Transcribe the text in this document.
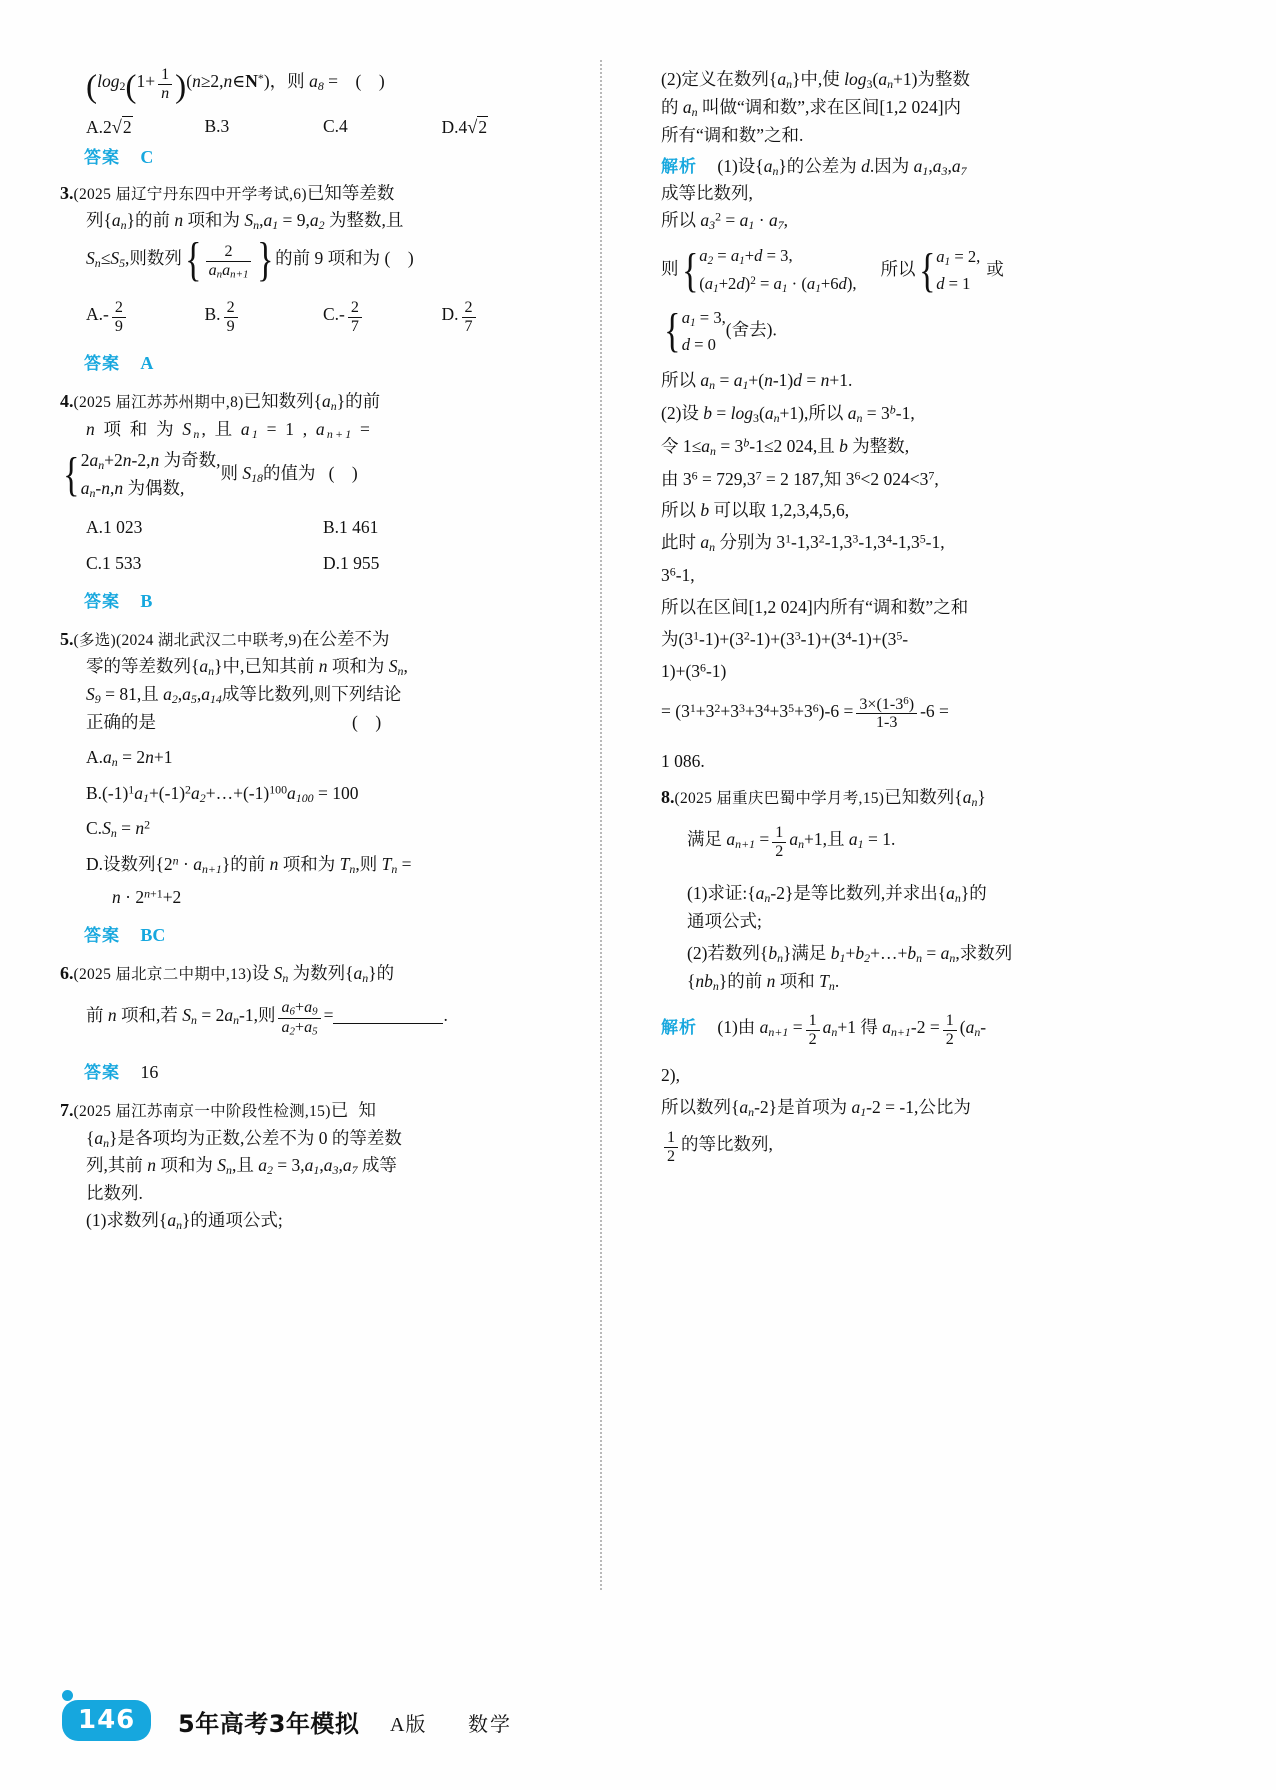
($\log_2(1+ \frac{1}{n}$ )(n≥2,n∈N*)，则 $a_8$ =    (    )
A.2√2	B.3	C.4	D.4√2
答案 C
3.(2025 届辽宁丹东四中开学考试,6)已知等差数
列$\{a_n\}$的前 n 项和为 $S_n,a_1 = 9,a_2$ 为整数,且
$S_n\le S_5$,则数列{ $\frac{2}{a_na_{n+1}}$ }的前 9 项和为 (    )
$A.- \frac{2}{9}$	B. $\frac{2}{9}$	$C.- \frac{2}{7}$	D. $\frac{2}{7}$
答案 A
4.(2025 届江苏苏州期中,8)已知数列$\{a_n\}$的前
n 项 和 为 $S_n$, 且 $a_1 = 1$ , $a_{n+1}$ =
{ $2a_n+2n-2,n$ 为奇数,
$a_n-n,n$ 为偶数,
则 $S_{18}$的值为   (    )
A.1 023	B.1 461
C.1 533	D.1 955
答案 B
5.(多选)(2024 湖北武汉二中联考,9)在公差不为
零的等差数列$\{a_n\}$中,已知其前 n 项和为 $S_n$,
$S_9 = 81$,且 $a_2,a_5,a_{14}$成等比数列,则下列结论
正确的是	(    )
$A.a_n = 2n+1$
$B.(-1)^1a_1+(-1)^2a_2+\dots+(-1)^{100}a_{100} = 100$
$C.S_n = n^2$
D.设数列$\{2^n \cdot a_{n+1}\}$的前 n 项和为 $T_n$,则 $T_n$ =
$n \cdot 2^{n+1}+2$
答案 BC
6.(2025 届北京二中期中,13)设 $S_n$ 为数列$\{a_n\}$的
前 n 项和,若 $S_n = 2a_n-1$,则 $\frac{a_6+a_9}{a_2+a_5}$ =	.
答案 16
7.(2025 届江苏南京一中阶段性检测,15)已 知
$\{a_n\}$是各项均为正数,公差不为 0 的等差数
列,其前 n 项和为 $S_n$,且 $a_2 = 3,a_1,a_3,a_7$ 成等
比数列.
(1)求数列$\{a_n\}$的通项公式;
(2)定义在数列$\{a_n\}$中,使 $\log_3(a_n+1)$为整数
的 $a_n$ 叫做“调和数”,求在区间[1,2 024]内
所有“调和数”之和.
解析 (1)设$\{a_n\}$的公差为 d.因为 $a_1,a_3,a_7$
成等比数列,
所以 $a_3^2 = a_1 \cdot a_7$,
则 { $a_2 = a_1+d = 3$,
$(a_1+2d)^2 = a_1 \cdot (a_1+6d)$,
所以 { $a_1 = 2$,
d = 1
或
{ $a_1 = 3$,
d = 0
(舍去).
所以 $a_n = a_1+(n-1)d = n+1$.
(2)设 $b = \log_3(a_n+1)$,所以 $a_n = 3^b-1$,
令 $1\le a_n = 3^b-1\le 2$ 024,且 b 为整数,
由 $3^6 = 729,3^7 = 2$ 187,知 $3^6<2$ $024<3^7$,
所以 b 可以取 1,2,3,4,5,6,
此时 $a_n$ 分别为 $3^1-1,3^2-1,3^3-1,3^4-1,3^5-1$,
$3^6-1$,
所以在区间[1,2 024]内所有“调和数”之和
为$(3^1-1)+(3^2-1)+(3^3-1)+(3^4-1)+(3^5-$
$1)+(3^6-1)$
= $(3^1+3^2+3^3+3^4+3^5+3^6)-6 = \frac{3\times(1-3^6)}{1-3} -6$ =
1 086.
8.(2025 届重庆巴蜀中学月考,15)已知数列$\{a_n\}$
满足 $a_{n+1} = \frac{1}{2} a_n+1$,且 $a_1 = 1$.
(1)求证$:\{a_n-2\}$是等比数列,并求出$\{a_n\}$的
通项公式;
(2)若数列$\{b_n\}$满足 $b_1+b_2+\dots+b_n = a_n$,求数列
$\{nb_n\}$的前 n 项和 $T_n$.
解析 (1)由 $a_{n+1} = \frac{1}{2} a_n+1$ 得 $a_{n+1}-2 = \frac{1}{2} (a_n-$
2),
所以数列$\{a_n-2\}$是首项为 $a_1-2 = -1$,公比为
$\frac{1}{2}$ 的等比数列,
146	5年高考3年模拟 A版 数学
